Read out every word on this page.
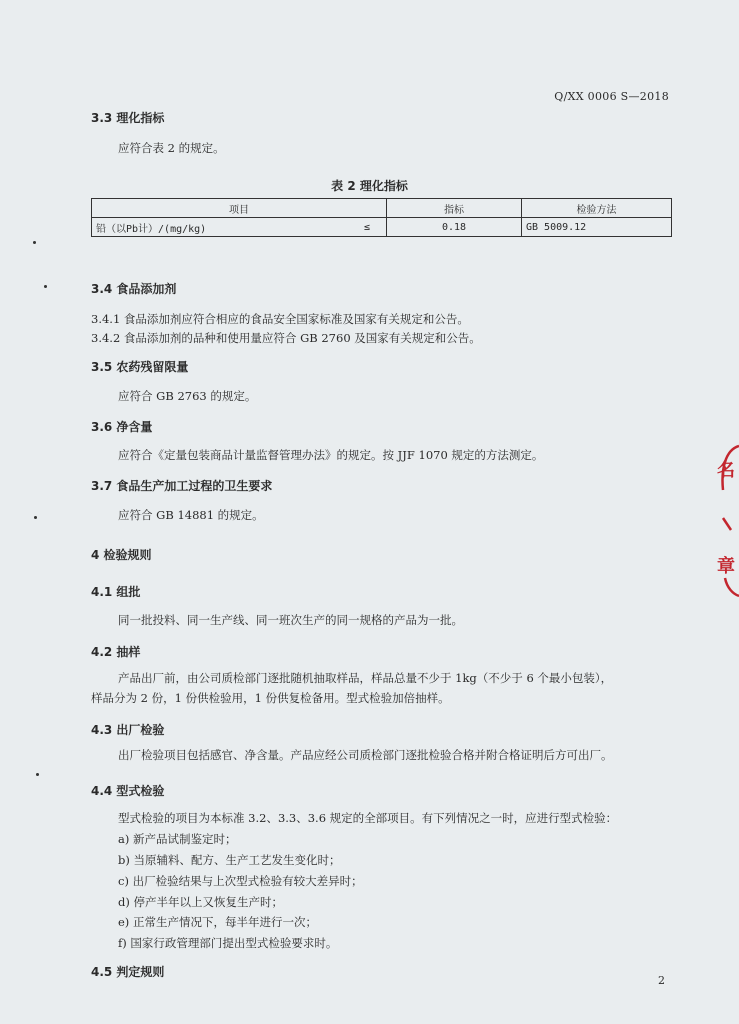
Q/XX 0006 S—2018
3.3 理化指标
应符合表 2 的规定。
表 2 理化指标
项目		指标	检验方法
铅（以Pb计）/(mg/kg)	≤	0.18	GB 5009.12
3.4 食品添加剂
3.4.1 食品添加剂应符合相应的食品安全国家标准及国家有关规定和公告。
3.4.2 食品添加剂的品种和使用量应符合 GB 2760 及国家有关规定和公告。
3.5 农药残留限量
应符合 GB 2763 的规定。
3.6 净含量
应符合《定量包装商品计量监督管理办法》的规定。按 JJF 1070 规定的方法测定。
3.7 食品生产加工过程的卫生要求
应符合 GB 14881 的规定。
4 检验规则
4.1 组批
同一批投料、同一生产线、同一班次生产的同一规格的产品为一批。
4.2 抽样
产品出厂前，由公司质检部门逐批随机抽取样品，样品总量不少于 1kg（不少于 6 个最小包装），
样品分为 2 份，1 份供检验用，1 份供复检备用。型式检验加倍抽样。
4.3 出厂检验
出厂检验项目包括感官、净含量。产品应经公司质检部门逐批检验合格并附合格证明后方可出厂。
4.4 型式检验
型式检验的项目为本标准 3.2、3.3、3.6 规定的全部项目。有下列情况之一时，应进行型式检验：
a) 新产品试制鉴定时；
b) 当原辅料、配方、生产工艺发生变化时；
c) 出厂检验结果与上次型式检验有较大差异时；
d) 停产半年以上又恢复生产时；
e) 正常生产情况下，每半年进行一次；
f) 国家行政管理部门提出型式检验要求时。
4.5 判定规则
2
名
章
